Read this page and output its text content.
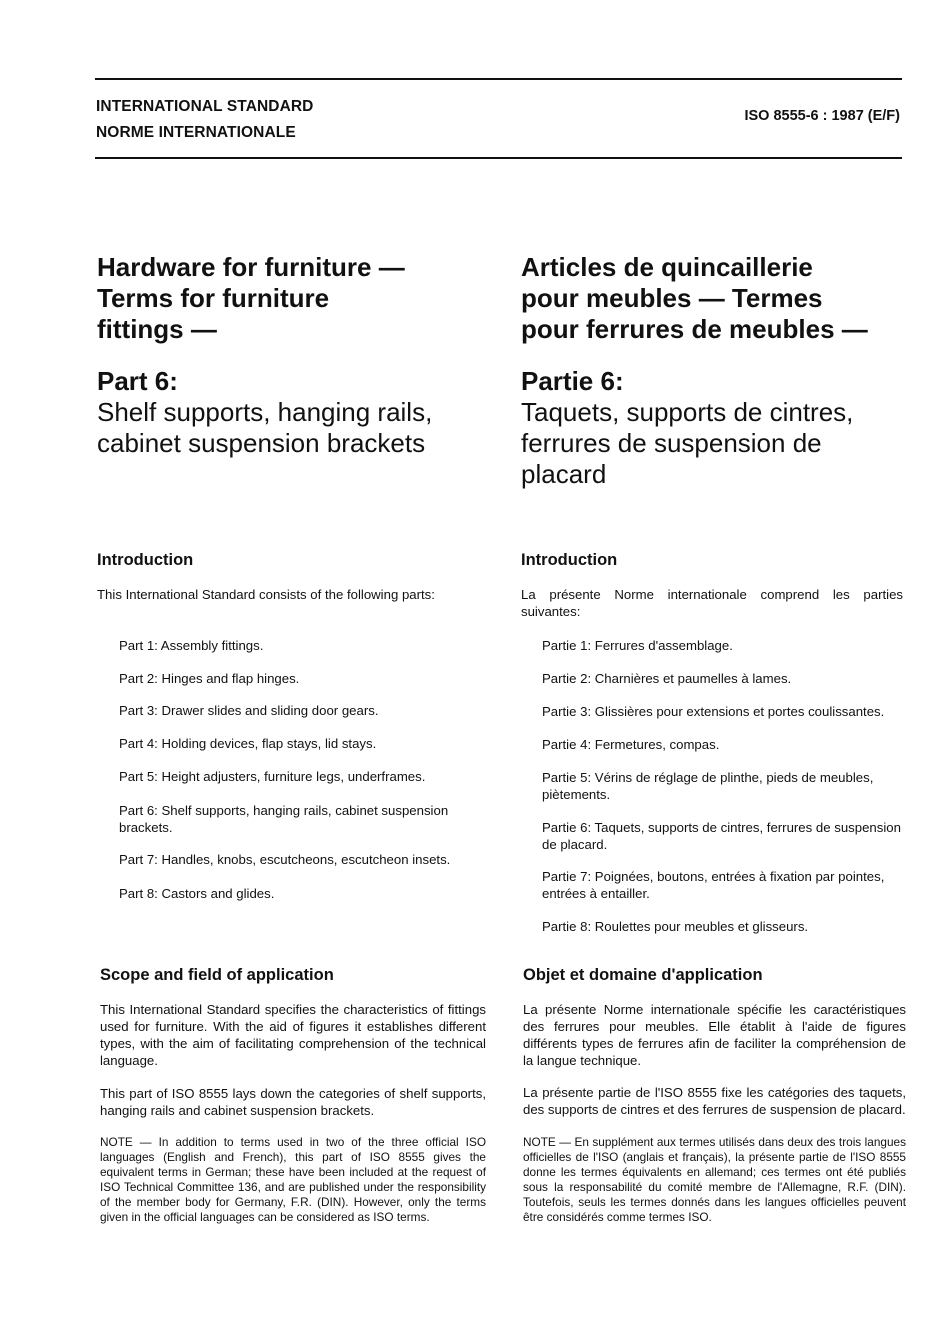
INTERNATIONAL STANDARD
NORME INTERNATIONALE
ISO 8555-6 : 1987 (E/F)

Hardware for furniture —

Terms for furniture

fittings —

Part 6:

Shelf supports, hanging rails,

cabinet suspension brackets

Introduction

This International Standard consists of the following parts:

Part 1: Assembly fittings.

Part 2: Hinges and flap hinges.

Part 3: Drawer slides and sliding door gears.

Part 4: Holding devices, flap stays, lid stays.

Part 5: Height adjusters, furniture legs, underframes.

Part 6: Shelf supports, hanging rails, cabinet suspension brackets.

Part 7: Handles, knobs, escutcheons, escutcheon insets.

Part 8: Castors and glides.

Scope and field of application

This International Standard specifies the characteristics of fittings used for furniture. With the aid of figures it establishes different types, with the aim of facilitating comprehension of the technical language.

This part of ISO 8555 lays down the categories of shelf supports, hanging rails and cabinet suspension brackets.

NOTE — In addition to terms used in two of the three official ISO languages (English and French), this part of ISO 8555 gives the equivalent terms in German; these have been included at the request of ISO Technical Committee 136, and are published under the responsibility of the member body for Germany, F.R. (DIN). However, only the terms given in the official languages can be considered as ISO terms.

Articles de quincaillerie

pour meubles — Termes

pour ferrures de meubles —

Partie 6:

Taquets, supports de cintres,

ferrures de suspension de

placard

Introduction

La présente Norme internationale comprend les parties suivantes:

Partie 1: Ferrures d'assemblage.

Partie 2: Charnières et paumelles à lames.

Partie 3: Glissières pour extensions et portes coulissantes.

Partie 4: Fermetures, compas.

Partie 5: Vérins de réglage de plinthe, pieds de meubles, piètements.

Partie 6: Taquets, supports de cintres, ferrures de suspension de placard.

Partie 7: Poignées, boutons, entrées à fixation par pointes, entrées à entailler.

Partie 8: Roulettes pour meubles et glisseurs.

Objet et domaine d'application

La présente Norme internationale spécifie les caractéristiques des ferrures pour meubles. Elle établit à l'aide de figures différents types de ferrures afin de faciliter la compréhension de la langue technique.

La présente partie de l'ISO 8555 fixe les catégories des taquets, des supports de cintres et des ferrures de suspension de placard.

NOTE — En supplément aux termes utilisés dans deux des trois langues officielles de l'ISO (anglais et français), la présente partie de l'ISO 8555 donne les termes équivalents en allemand; ces termes ont été publiés sous la responsabilité du comité membre de l'Allemagne, R.F. (DIN). Toutefois, seuls les termes donnés dans les langues officielles peuvent être considérés comme termes ISO.
